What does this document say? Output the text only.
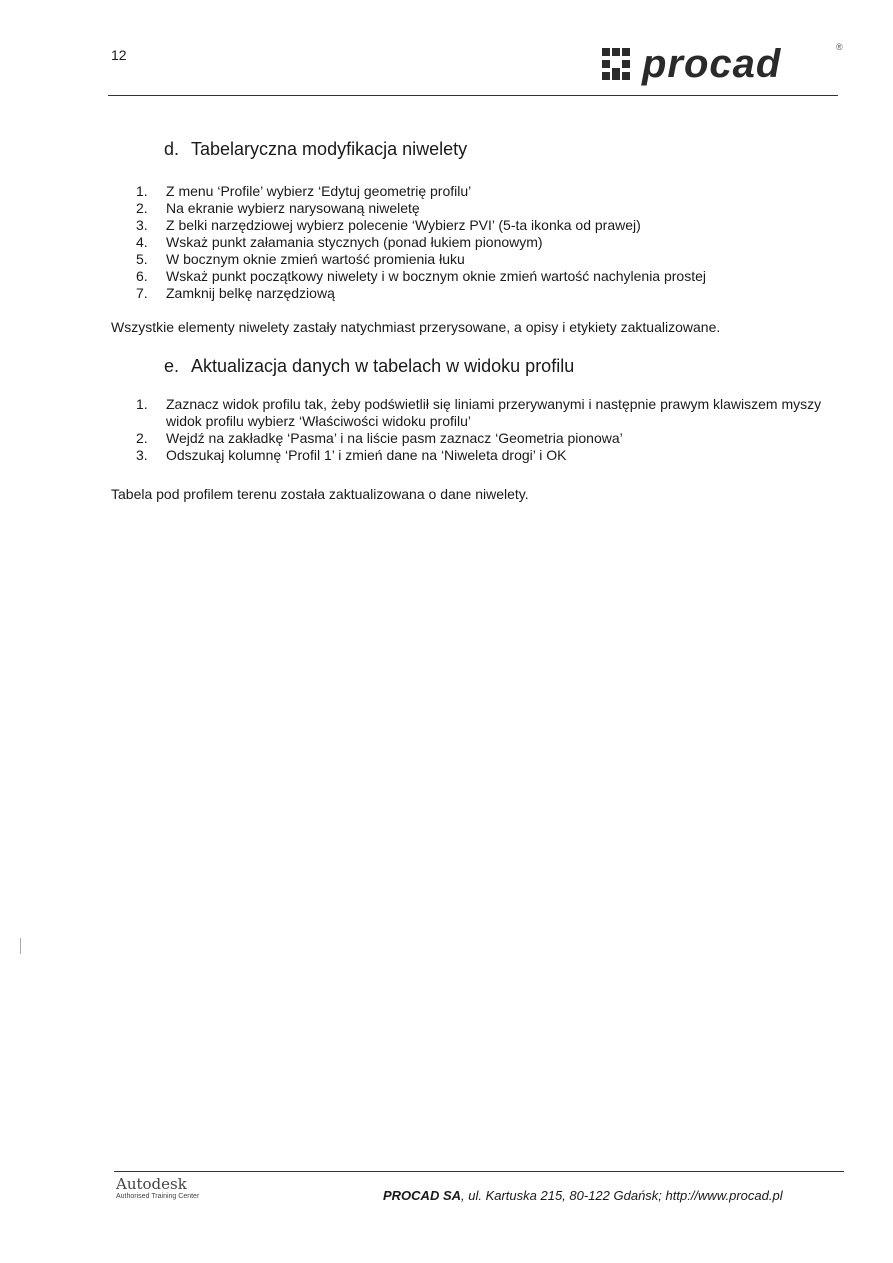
12	procad	®
d. Tabelaryczna modyfikacja niwelety
1.	Z menu ‘Profile’ wybierz ‘Edytuj geometrię profilu’
2.	Na ekranie wybierz narysowaną niweletę
3.	Z belki narzędziowej wybierz polecenie ‘Wybierz PVI’ (5-ta ikonka od prawej)
4.	Wskaż punkt załamania stycznych (ponad łukiem pionowym)
5.	W bocznym oknie zmień wartość promienia łuku
6.	Wskaż punkt początkowy niwelety i w bocznym oknie zmień wartość nachylenia prostej
7.	Zamknij belkę narzędziową
Wszystkie elementy niwelety zastały natychmiast przerysowane, a opisy i etykiety zaktualizowane.
e. Aktualizacja danych w tabelach w widoku profilu
1.	Zaznacz widok profilu tak, żeby podświetlił się liniami przerywanymi i następnie prawym klawiszem myszy widok profilu wybierz ‘Właściwości widoku profilu’
2.	Wejdź na zakładkę ‘Pasma’ i na liście pasm zaznacz ‘Geometria pionowa’
3.	Odszukaj kolumnę ‘Profil 1’ i zmień dane na ‘Niweleta drogi’ i OK
Tabela pod profilem terenu została zaktualizowana o dane niwelety.
Autodesk
Authorised Training Center	PROCAD SA, ul. Kartuska 215, 80-122 Gdańsk; http://www.procad.pl
